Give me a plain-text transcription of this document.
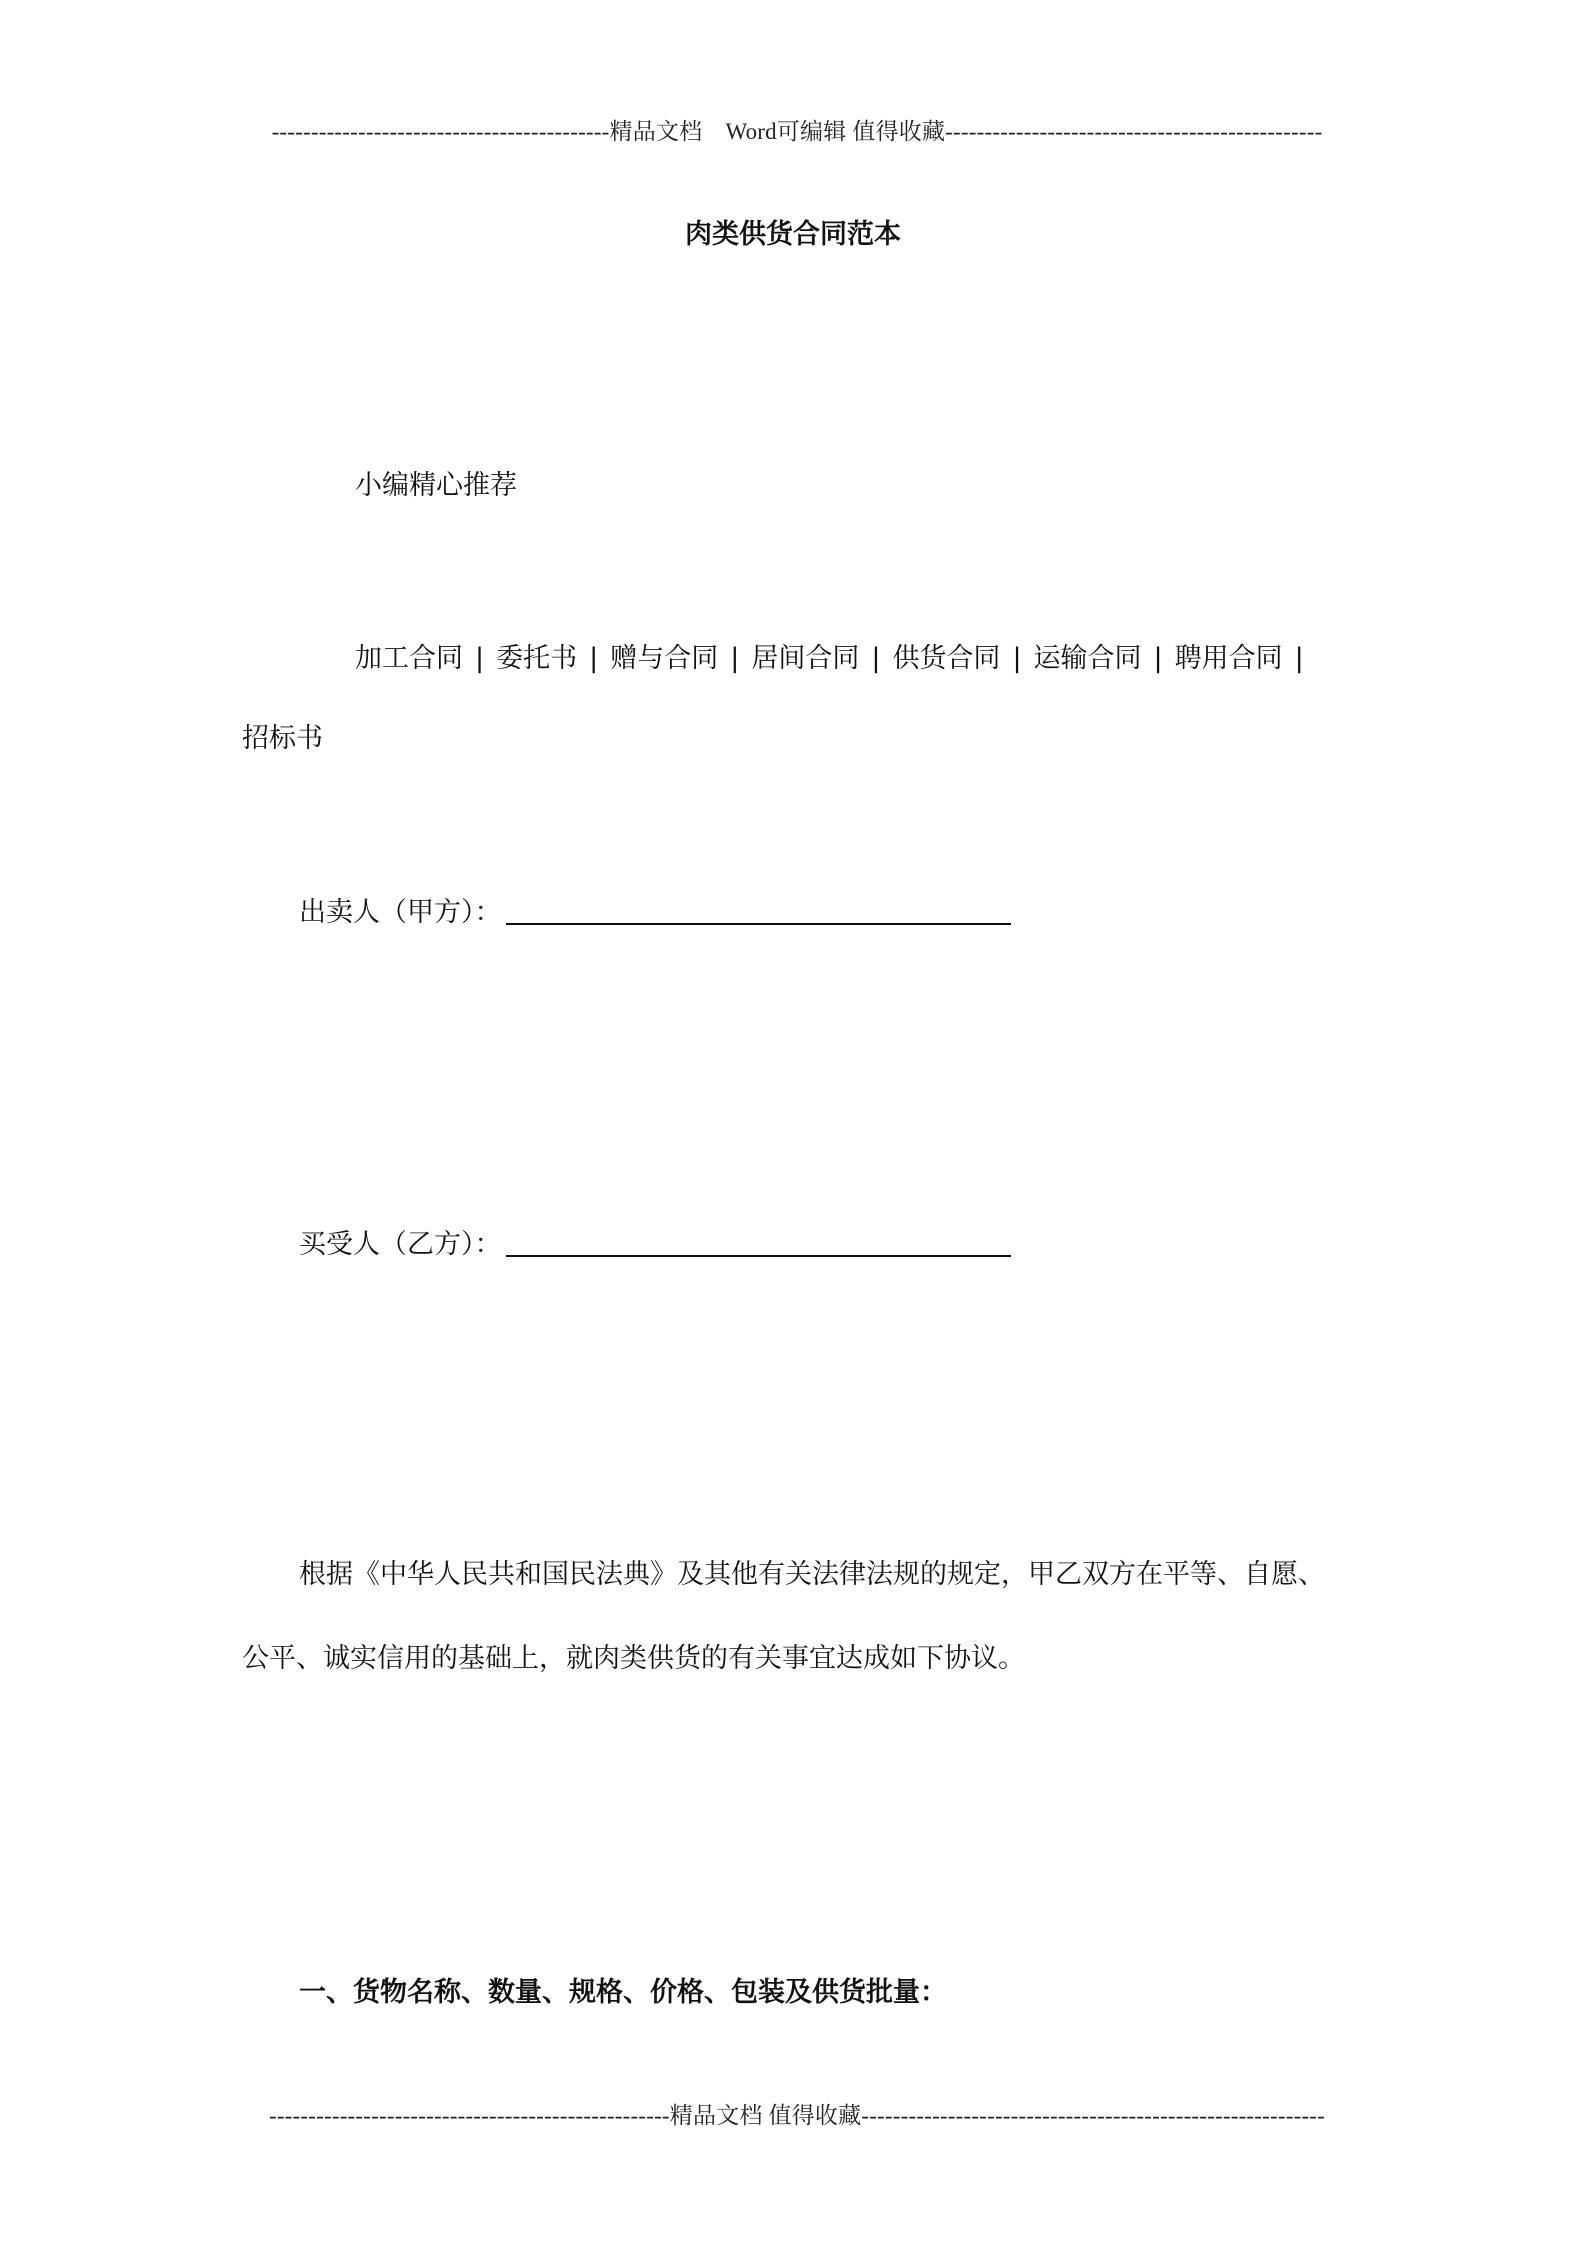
-------------------------------------------精品文档　Word可编辑 值得收藏------------------------------------------------
肉类供货合同范本
小编精心推荐
加工合同 | 委托书 | 赠与合同 | 居间合同 | 供货合同 | 运输合同 | 聘用合同 |
招标书
出卖人（甲方）：
买受人（乙方）：
根据《中华人民共和国民法典》及其他有关法律法规的规定，甲乙双方在平等、自愿、
公平、诚实信用的基础上，就肉类供货的有关事宜达成如下协议。
一、货物名称、数量、规格、价格、包装及供货批量：
---------------------------------------------------精品文档 值得收藏-----------------------------------------------------------
